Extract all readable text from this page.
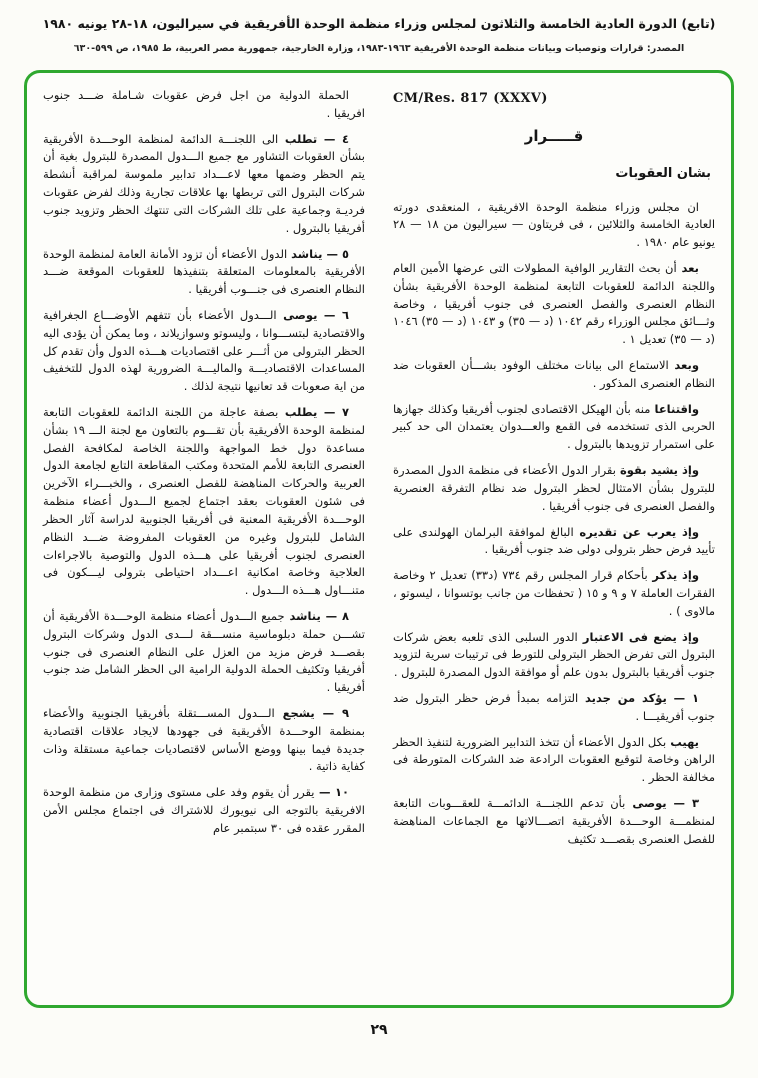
(تابع) الدورة العادية الخامسة والثلاثون لمجلس وزراء منظمة الوحدة الأفريقية في سيراليون، ١٨-٢٨ يونيه ١٩٨٠
المصدر: قرارات وتوصيات وبيانات منظمة الوحدة الأفريقية ١٩٦٣-١٩٨٣، وزارة الخارجية، جمهورية مصر العربية، ط ١٩٨٥، ص ٥٩٩-٦٣٠
CM/Res. 817 (XXXV)
قـــــرار
بشان العقوبات

ان مجلس وزراء منظمة الوحدة الافريقية ، المنعقدى دورته العادية الخامسة والثلائين ، فى فريتاون — سيراليون من ١٨ — ٢٨ يونيو عام ١٩٨٠ .

بعد أن بحث التقارير الوافية المطولات التى عرضها الأمين العام واللجنة الدائمة للعقوبات التابعة لمنظمة الوحدة الأفريقية بشأن النظام العنصرى والفصل العنصرى فى جنوب أفريقيا ، وخاصة وثـــائق مجلس الوزراء رقم ١٠٤٢ (د — ٣٥) و ١٠٤٣ (د — ٣٥) ١٠٤٦ (د — ٣٥) تعديل ١ .

وبعد الاستماع الى بيانات مختلف الوفود بشـــأن العقوبات ضد النظام العنصرى المذكور .

واقتناعا منه بأن الهيكل الاقتصادى لجنوب أفريقيا وكذلك جهازها الحربى الذى تستخدمه فى القمع والعـــدوان يعتمدان الى حد كبير على استمرار تزويدها بالبترول .

وإذ يشيد بقوة بقرار الدول الأعضاء فى منظمة الدول المصدرة للبترول بشأن الامتثال لحظر البترول ضد نظام التفرقة العنصرية والفصل العنصرى فى جنوب أفريقيا .

وإذ يعرب عن تقديره البالغ لموافقة البرلمان الهولندى على تأييد فرض حظر بترولى دولى ضد جنوب أفريقيا .

وإذ يذكر بأحكام قرار المجلس رقم ٧٣٤ (د٣٣) تعديل ٢ وخاصة الفقرات العاملة ٧ و ٩ و ١٥ ( تحفظات من جانب بوتسوانا ، ليسوتو ، مالاوى ) .

وإذ يضع فى الاعتبار الدور السلبى الذى تلعبه بعض شركات البترول التى تفرض الحظر البترولى للتورط فى ترتيبات سرية لتزويد جنوب أفريقيا بالبترول بدون علم أو موافقة الدول المصدرة للبترول .

١ — يؤكد من جديد التزامه بمبدأ فرض حظر البترول ضد جنوب أفريقيـــا .

يهيب بكل الدول الأعضاء أن تتخذ التدابير الضرورية لتنفيذ الحظر الراهن وخاصة لتوقيع العقوبات الرادعة ضد الشركات المتورطة فى مخالفة الحظر .

٣ — يوصى بأن تدعم اللجنـــة الدائمـــة للعقـــوبات التابعة لمنظمـــة الوحـــدة الأفريقية اتصـــالاتها مع الجماعات المناهضة للفصل العنصرى بقصـــد تكثيف

الحملة الدولية من اجل فرض عقوبات شـاملة ضـــد جنوب افريقيا .

٤ — تطلب الى اللجنـــة الدائمة لمنظمة الوحـــدة الأفريقية بشأن العقوبات التشاور مع جميع الـــدول المصدرة للبترول بغية أن يتم الحظر وضمها معها لاعـــداد تدابير ملموسة لمراقبة أنشطة شركات البترول التى تربطها بها علاقات تجارية وذلك لفرض عقوبات فرديـة وجماعية على تلك الشركات التى تنتهك الحظر وتزويد جنوب أفريقيا بالبترول .

٥ — يناشد الدول الأعضاء أن تزود الأمانة العامة لمنظمة الوحدة الأفريقية بالمعلومات المتعلقة بتنفيذها للعقوبات الموقعة ضـــد النظام العنصرى فى جنـــوب أفريقيا .

٦ — يوصى الـــدول الأعضاء بأن تتفهم الأوضـــاع الجغرافية والاقتصادية لبتســـوانا ، وليسوتو وسوازيلاند ، وما يمكن أن يؤدى اليه الحظر البترولى من أثـــر على اقتصاديات هـــذه الدول وأن تقدم كل المساعدات الاقتصاديـــة والماليـــة الضرورية لهذه الدول للتخفيف من اية صعوبات قد تعانيها نتيجة لذلك .

٧ — يطلب بصفة عاجلة من اللجنة الدائمة للعقوبات التابعة لمنظمة الوحدة الأفريقية بأن تقـــوم بالتعاون مع لجنة الـــ ١٩ بشأن مساعدة دول خط المواجهة واللجنة الخاصة لمكافحة الفصل العنصرى التابعة للأمم المتحدة ومكتب المقاطعة التابع لجامعة الدول العربية والحركات المناهضة للفصل العنصرى ، والخبـــراء الآخرين فى شئون العقوبات بعقد اجتماع لجميع الـــدول أعضاء منظمة الوحـــدة الأفريقية المعنية فى أفريقيا الجنوبية لدراسة آثار الحظر الشامل للبترول وغيره من العقوبات المفروضة ضـــد النظام العنصرى لجنوب أفريقيا على هـــذه الدول والتوصية بالاجراءات العلاجية وخاصة امكانية اعـــداد احتياطى بترولى ليـــكون فى متنـــاول هـــذه الـــدول .

٨ — يناشد جميع الـــدول أعضاء منظمة الوحـــدة الأفريقية أن تشـــن حملة دبلوماسية منســـقة لـــدى الدول وشركات البترول بقصـــد فرض مزيد من العزل على النظام العنصرى فى جنوب أفريقيا وتكثيف الحملة الدولية الرامية الى الحظر الشامل ضد جنوب أفريقيا .

٩ — يشجع الـــدول المســـتقلة بأفريقيا الجنوبية والأعضاء بمنظمة الوحـــدة الأفريقية فى جهودها لايجاد علاقات اقتصادية جديدة فيما بينها ووضع الأساس لاقتصاديات جماعية مستقلة وذات كفاية ذاتية .

١٠ — يقرر أن يقوم وفد على مستوى وزارى من منظمة الوحدة الافريقية بالتوجه الى نيويورك للاشتراك فى اجتماع مجلس الأمن المقرر عقده فى ٣٠ سبتمبر عام

٢٩
